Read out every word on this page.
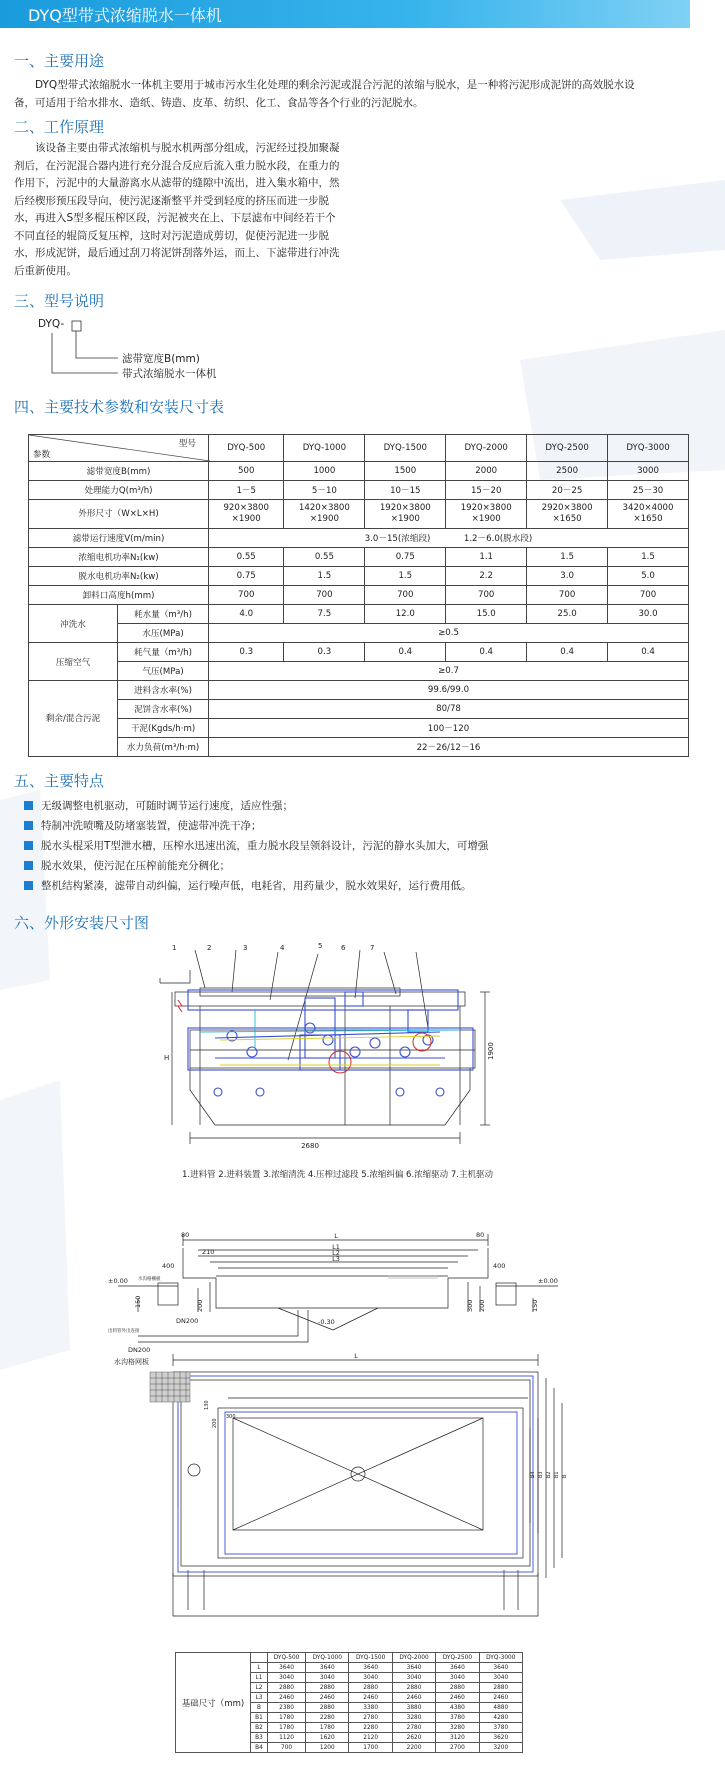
DYQ型带式浓缩脱水一体机
一、主要用途
DYQ型带式浓缩脱水一体机主要用于城市污水生化处理的剩余污泥或混合污泥的浓缩与脱水，是一种将污泥形成泥饼的高效脱水设
备，可适用于给水排水、造纸、铸造、皮革、纺织、化工、食品等各个行业的污泥脱水。
二、工作原理
该设备主要由带式浓缩机与脱水机两部分组成，污泥经过投加聚凝
剂后，在污泥混合器内进行充分混合反应后流入重力脱水段，在重力的
作用下，污泥中的大量游离水从滤带的缝隙中流出，进入集水箱中，然
后经楔形预压段导向，使污泥逐渐整平并受到轻度的挤压而进一步脱
水，再进入S型多棍压榨区段，污泥被夹在上、下层滤布中间经若干个
不同直径的辊筒反复压榨，这时对污泥造成剪切，促使污泥进一步脱
水，形成泥饼，最后通过刮刀将泥饼刮落外运，而上、下滤带进行冲洗
后重新使用。
三、型号说明
DYQ-
滤带宽度B(mm)
带式浓缩脱水一体机
四、主要技术参数和安装尺寸表
参数
型号		DYQ-500	DYQ-1000	DYQ-1500	DYQ-2000	DYQ-2500	DYQ-3000
滤带宽度B(mm)		500	1000	1500	2000	2500	3000
处理能力Q(m³/h)		1－5	5－10	10－15	15－20	20－25	25－30
外形尺寸（W×L×H)		920×3800 ×1900	1420×3800 ×1900	1920×3800 ×1900	1920×3800 ×1900	2920×3800 ×1650	3420×4000 ×1650
滤带运行速度V(m/min)		3.0－15(浓缩段) 1.2－6.0(脱水段)					
浓缩电机功率N₁(kw)		0.55	0.55	0.75	1.1	1.5	1.5
脱水电机功率N₂(kw)		0.75	1.5	1.5	2.2	3.0	5.0
卸料口高度h(mm)		700	700	700	700	700	700
冲洗水	耗水量（m³/h)	4.0	7.5	12.0	15.0	25.0	30.0
	水压(MPa)	≥0.5					
压缩空气	耗气量（m³/h)	0.3	0.3	0.4	0.4	0.4	0.4
	气压(MPa)	≥0.7					
剩余/混合污泥	进料含水率(%)	99.6/99.0					
	泥饼含水率(%)	80/78					
	干泥(Kgds/h·m)	100－120					
	水力负荷(m³/h·m)	22－26/12－16					
五、主要特点
无级调整电机驱动，可随时调节运行速度，适应性强；
特制冲洗喷嘴及防堵塞装置，使滤带冲洗干净；
脱水头棍采用T型泄水槽，压榨水迅速出流，重力脱水段呈领斜设计，污泥的静水头加大，可增强
脱水效果，使污泥在压榨前能充分稠化；
整机结构紧凑，滤带自动纠偏，运行噪声低，电耗省，用药量少，脱水效果好，运行费用低。
六、外形安装尺寸图
1	2	3	4	5	6	7
2680
1900
H
1.进料管 2.进料装置 3.浓缩清洗 4.压榨过滤段 5.浓缩纠偏 6.浓缩驱动 7.主机驱动
80	80
L
L1
L2
L3
210
400	400
±0.00	±0.00
150	200	300 200	150
DN200
DN200
-0.30
水沟格栅板
出料管外出连接
L
水沟格网板
130
200
300
B4 B3 B2 B1 B
基础尺寸（mm)		DYQ-500	DYQ-1000	DYQ-1500	DYQ-2000	DYQ-2500	DYQ-3000
	L	3640	3640	3640	3640	3640	3640
	L1	3040	3040	3040	3040	3040	3040
	L2	2880	2880	2880	2880	2880	2880
	L3	2460	2460	2460	2460	2460	2460
	B	2380	2880	3380	3880	4380	4880
	B1	1780	2280	2780	3280	3780	4280
	B2	1780	1780	2280	2780	3280	3780
	B3	1120	1620	2120	2620	3120	3620
	B4	700	1200	1700	2200	2700	3200
